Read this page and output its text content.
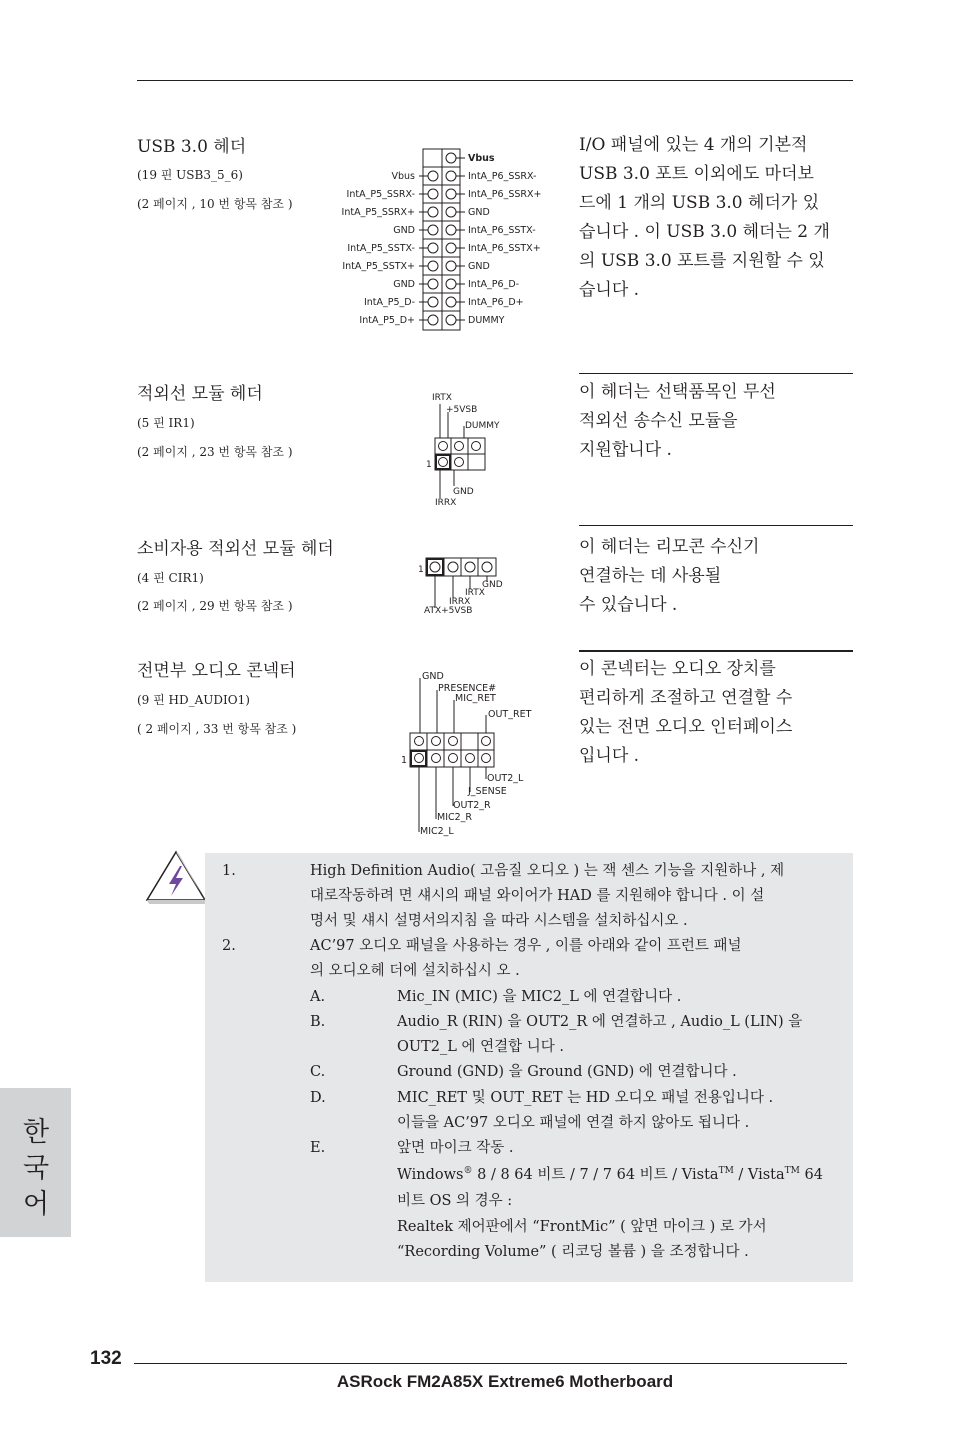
USB 3.0 헤더
(19 핀 USB3_5_6)
(2 페이지 , 10 번 항목 참조 )
Vbus
IntA_P6_SSRX-
IntA_P6_SSRX+
GND
IntA_P6_SSTX-
IntA_P6_SSTX+
GND
IntA_P6_D-
IntA_P6_D+
DUMMY
Vbus
IntA_P5_SSRX-
IntA_P5_SSRX+
GND
IntA_P5_SSTX-
IntA_P5_SSTX+
GND
IntA_P5_D-
IntA_P5_D+
I/O 패널에 있는 4 개의 기본적
USB 3.0 포트 이외에도 마더보
드에 1 개의 USB 3.0 헤더가 있
습니다 . 이 USB 3.0 헤더는 2 개
의 USB 3.0 포트를 지원할 수 있
습니다 .
적외선 모듈 헤더
(5 핀 IR1)
(2 페이지 , 23 번 항목 참조 )
IRTX
+5VSB
DUMMY
1
GND
IRRX
이 헤더는 선택품목인 무선
적외선 송수신 모듈을
지원합니다 .
소비자용 적외선 모듈 헤더
(4 핀 CIR1)
(2 페이지 , 29 번 항목 참조 )
1
GND
IRTX
IRRX
ATX+5VSB
이 헤더는 리모콘 수신기
연결하는 데 사용될
수 있습니다 .
전면부 오디오 콘넥터
(9 핀 HD_AUDIO1)
( 2 페이지 , 33 번 항목 참조 )
GND
PRESENCE#
MIC_RET
OUT_RET
1
OUT2_L
J_SENSE
OUT2_R
MIC2_R
MIC2_L
이 콘넥터는 오디오 장치를
편리하게 조절하고 연결할 수
있는 전면 오디오 인터페이스
입니다 .
1.	High Definition Audio( 고음질 오디오 ) 는 잭 센스 기능을 지원하나 , 제
대로작동하려 면 섀시의 패널 와이어가 HAD 를 지원해야 합니다 . 이 설
명서 및 섀시 설명서의지침 을 따라 시스템을 설치하십시오 .
2.	AC’97 오디오 패널을 사용하는 경우 , 이를 아래와 같이 프런트 패널
의 오디오헤 더에 설치하십시 오 .
A.	Mic_IN (MIC) 을 MIC2_L 에 연결합니다 .
B.	Audio_R (RIN) 을 OUT2_R 에 연결하고 , Audio_L (LIN) 을
OUT2_L 에 연결합 니다 .
C.	Ground (GND) 을 Ground (GND) 에 연결합니다 .
D.	MIC_RET 및 OUT_RET 는 HD 오디오 패널 전용입니다 .
이들을 AC’97 오디오 패널에 연결 하지 않아도 됩니다 .
E.	앞면 마이크 작동 .
Windows® 8 / 8 64 비트 / 7 / 7 64 비트 / Vista™ / Vista™ 64
비트 OS 의 경우 :
Realtek 제어판에서 “FrontMic” ( 앞면 마이크 ) 로 가서
“Recording Volume” ( 리코딩 볼륨 ) 을 조정합니다 .
한
국
어
132
ASRock FM2A85X Extreme6 Motherboard
